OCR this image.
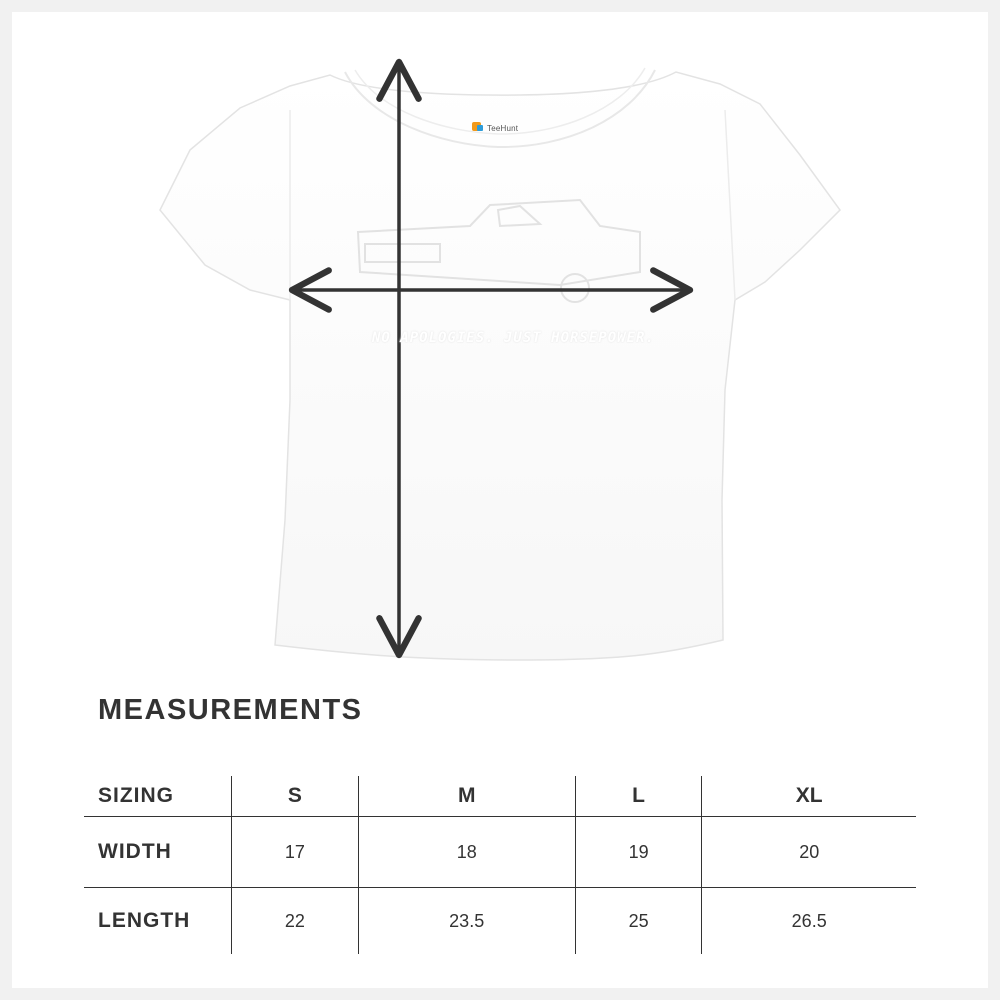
TeeHunt
NO APOLOGIES. JUST HORSEPOWER.
MEASUREMENTS
SIZING	S	M	L	XL
WIDTH	17	18	19	20
LENGTH	22	23.5	25	26.5
